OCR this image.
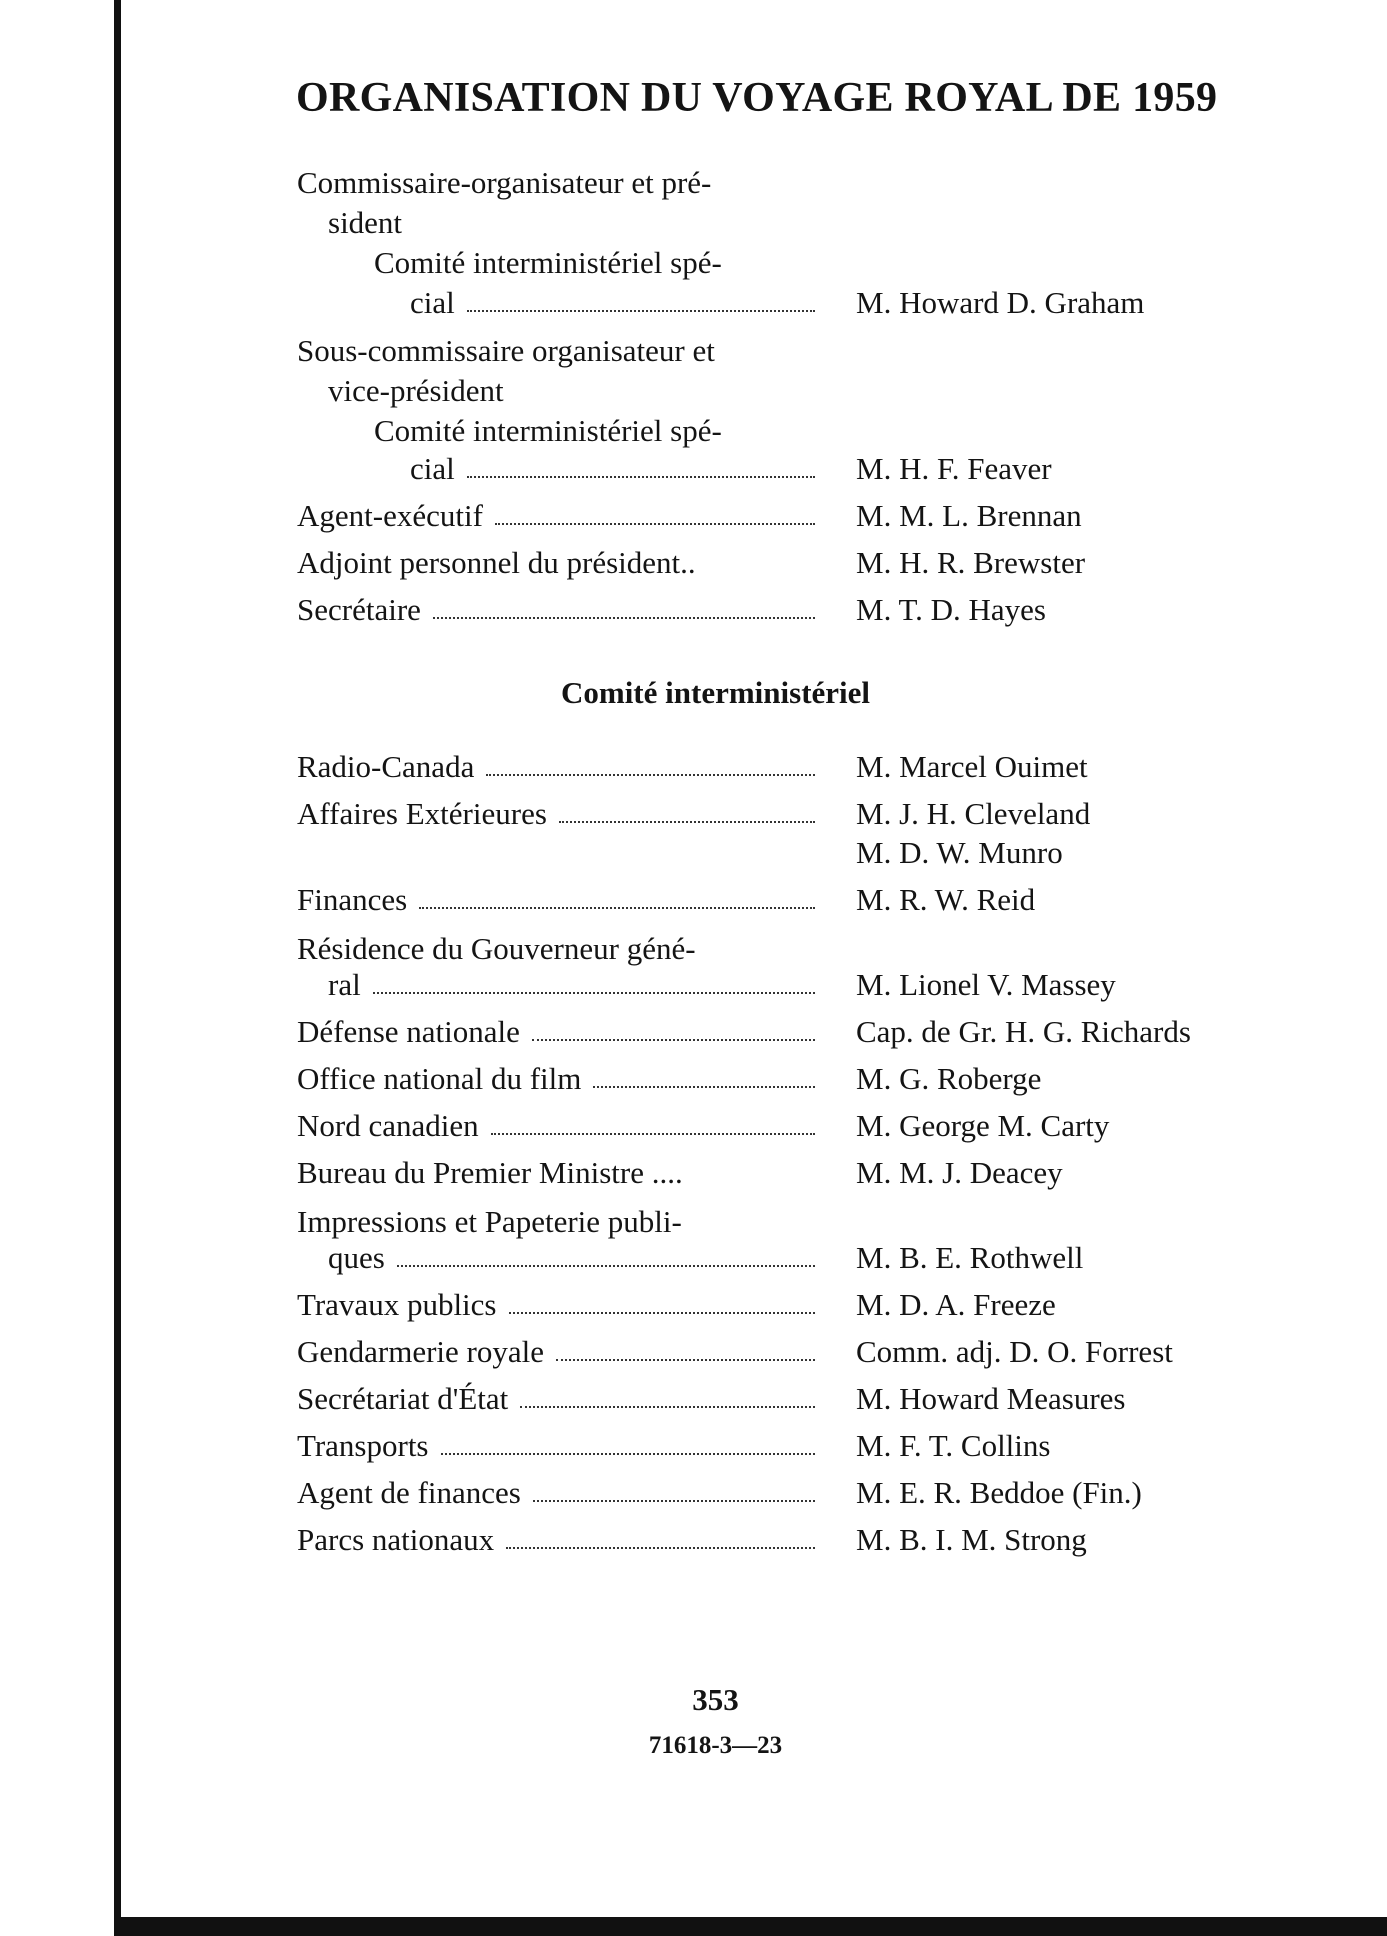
ORGANISATION DU VOYAGE ROYAL DE 1959
Commissaire-organisateur et pré-
sident
Comité interministériel spé-
cial	M. Howard D. Graham
Sous-commissaire organisateur et
vice-président
Comité interministériel spé-
cial	M. H. F. Feaver
Agent-exécutif	M. M. L. Brennan
Adjoint personnel du président..	M. H. R. Brewster
Secrétaire	M. T. D. Hayes
Comité interministériel
Radio-Canada	M. Marcel Ouimet
Affaires Extérieures	M. J. H. Cleveland
M. D. W. Munro
Finances	M. R. W. Reid
Résidence du Gouverneur géné-
ral	M. Lionel V. Massey
Défense nationale	Cap. de Gr. H. G. Richards
Office national du film	M. G. Roberge
Nord canadien	M. George M. Carty
Bureau du Premier Ministre ....	M. M. J. Deacey
Impressions et Papeterie publi-
ques	M. B. E. Rothwell
Travaux publics	M. D. A. Freeze
Gendarmerie royale	Comm. adj. D. O. Forrest
Secrétariat d'État	M. Howard Measures
Transports	M. F. T. Collins
Agent de finances	M. E. R. Beddoe (Fin.)
Parcs nationaux	M. B. I. M. Strong
353
71618-3—23
